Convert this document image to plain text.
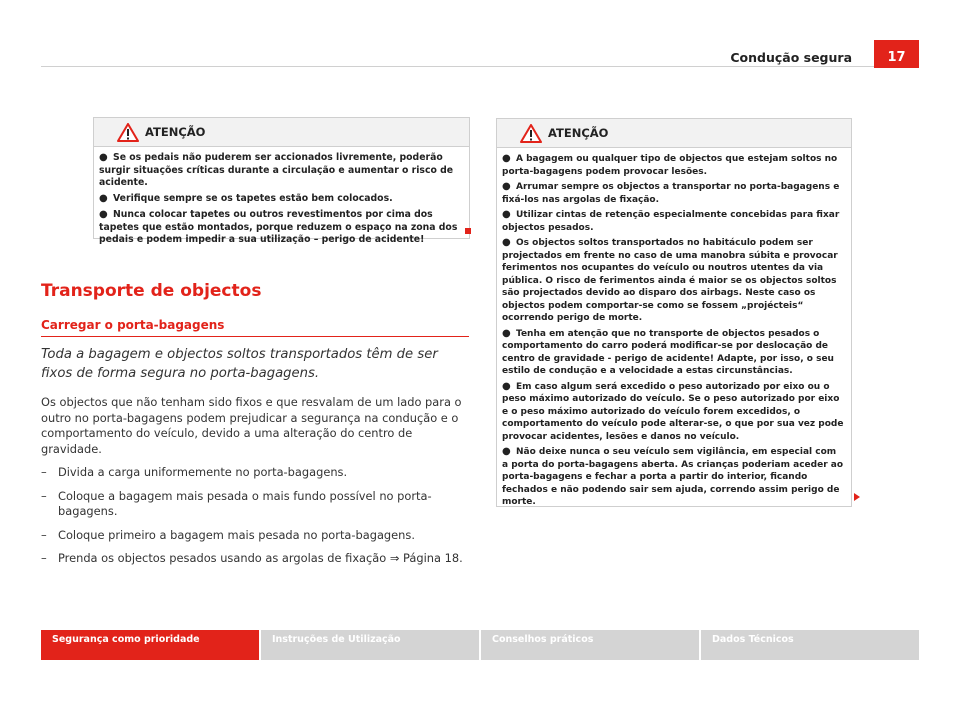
Condução segura	17
ATENÇÃO

● Se os pedais não puderem ser accionados livremente, poderão surgir situações críticas durante a circulação e aumentar o risco de acidente.

● Verifique sempre se os tapetes estão bem colocados.

● Nunca colocar tapetes ou outros revestimentos por cima dos tapetes que estão montados, porque reduzem o espaço na zona dos pedais e podem impedir a sua utilização – perigo de acidente!

Transporte de objectos
Carregar o porta-bagagens
Toda a bagagem e objectos soltos transportados têm de ser fixos de forma segura no porta-bagagens.

Os objectos que não tenham sido fixos e que resvalam de um lado para o outro no porta-bagagens podem prejudicar a segurança na condução e o comportamento do veículo, devido a uma alteração do centro de gravidade.

– Divida a carga uniformemente no porta-bagagens.
– Coloque a bagagem mais pesada o mais fundo possível no porta-bagagens.
– Coloque primeiro a bagagem mais pesada no porta-bagagens.
– Prenda os objectos pesados usando as argolas de fixação ⇒ Página 18.
ATENÇÃO

● A bagagem ou qualquer tipo de objectos que estejam soltos no porta-bagagens podem provocar lesões.

● Arrumar sempre os objectos a transportar no porta-bagagens e fixá-los nas argolas de fixação.

● Utilizar cintas de retenção especialmente concebidas para fixar objectos pesados.

● Os objectos soltos transportados no habitáculo podem ser projectados em frente no caso de uma manobra súbita e provocar ferimentos nos ocupantes do veículo ou noutros utentes da via pública. O risco de ferimentos ainda é maior se os objectos soltos são projectados devido ao disparo dos airbags. Neste caso os objectos podem comportar-se como se fossem „projécteis“ ocorrendo perigo de morte.

● Tenha em atenção que no transporte de objectos pesados o comportamento do carro poderá modificar-se por deslocação de centro de gravidade - perigo de acidente! Adapte, por isso, o seu estilo de condução e a velocidade a estas circunstâncias.

● Em caso algum será excedido o peso autorizado por eixo ou o peso máximo autorizado do veículo. Se o peso autorizado por eixo e o peso máximo autorizado do veículo forem excedidos, o comportamento do veículo pode alterar-se, o que por sua vez pode provocar acidentes, lesões e danos no veículo.

● Não deixe nunca o seu veículo sem vigilância, em especial com a porta do porta-bagagens aberta. As crianças poderiam aceder ao porta-bagagens e fechar a porta a partir do interior, ficando fechados e não podendo sair sem ajuda, correndo assim perigo de morte.

Segurança como prioridade	Instruções de Utilização	Conselhos práticos	Dados Técnicos
